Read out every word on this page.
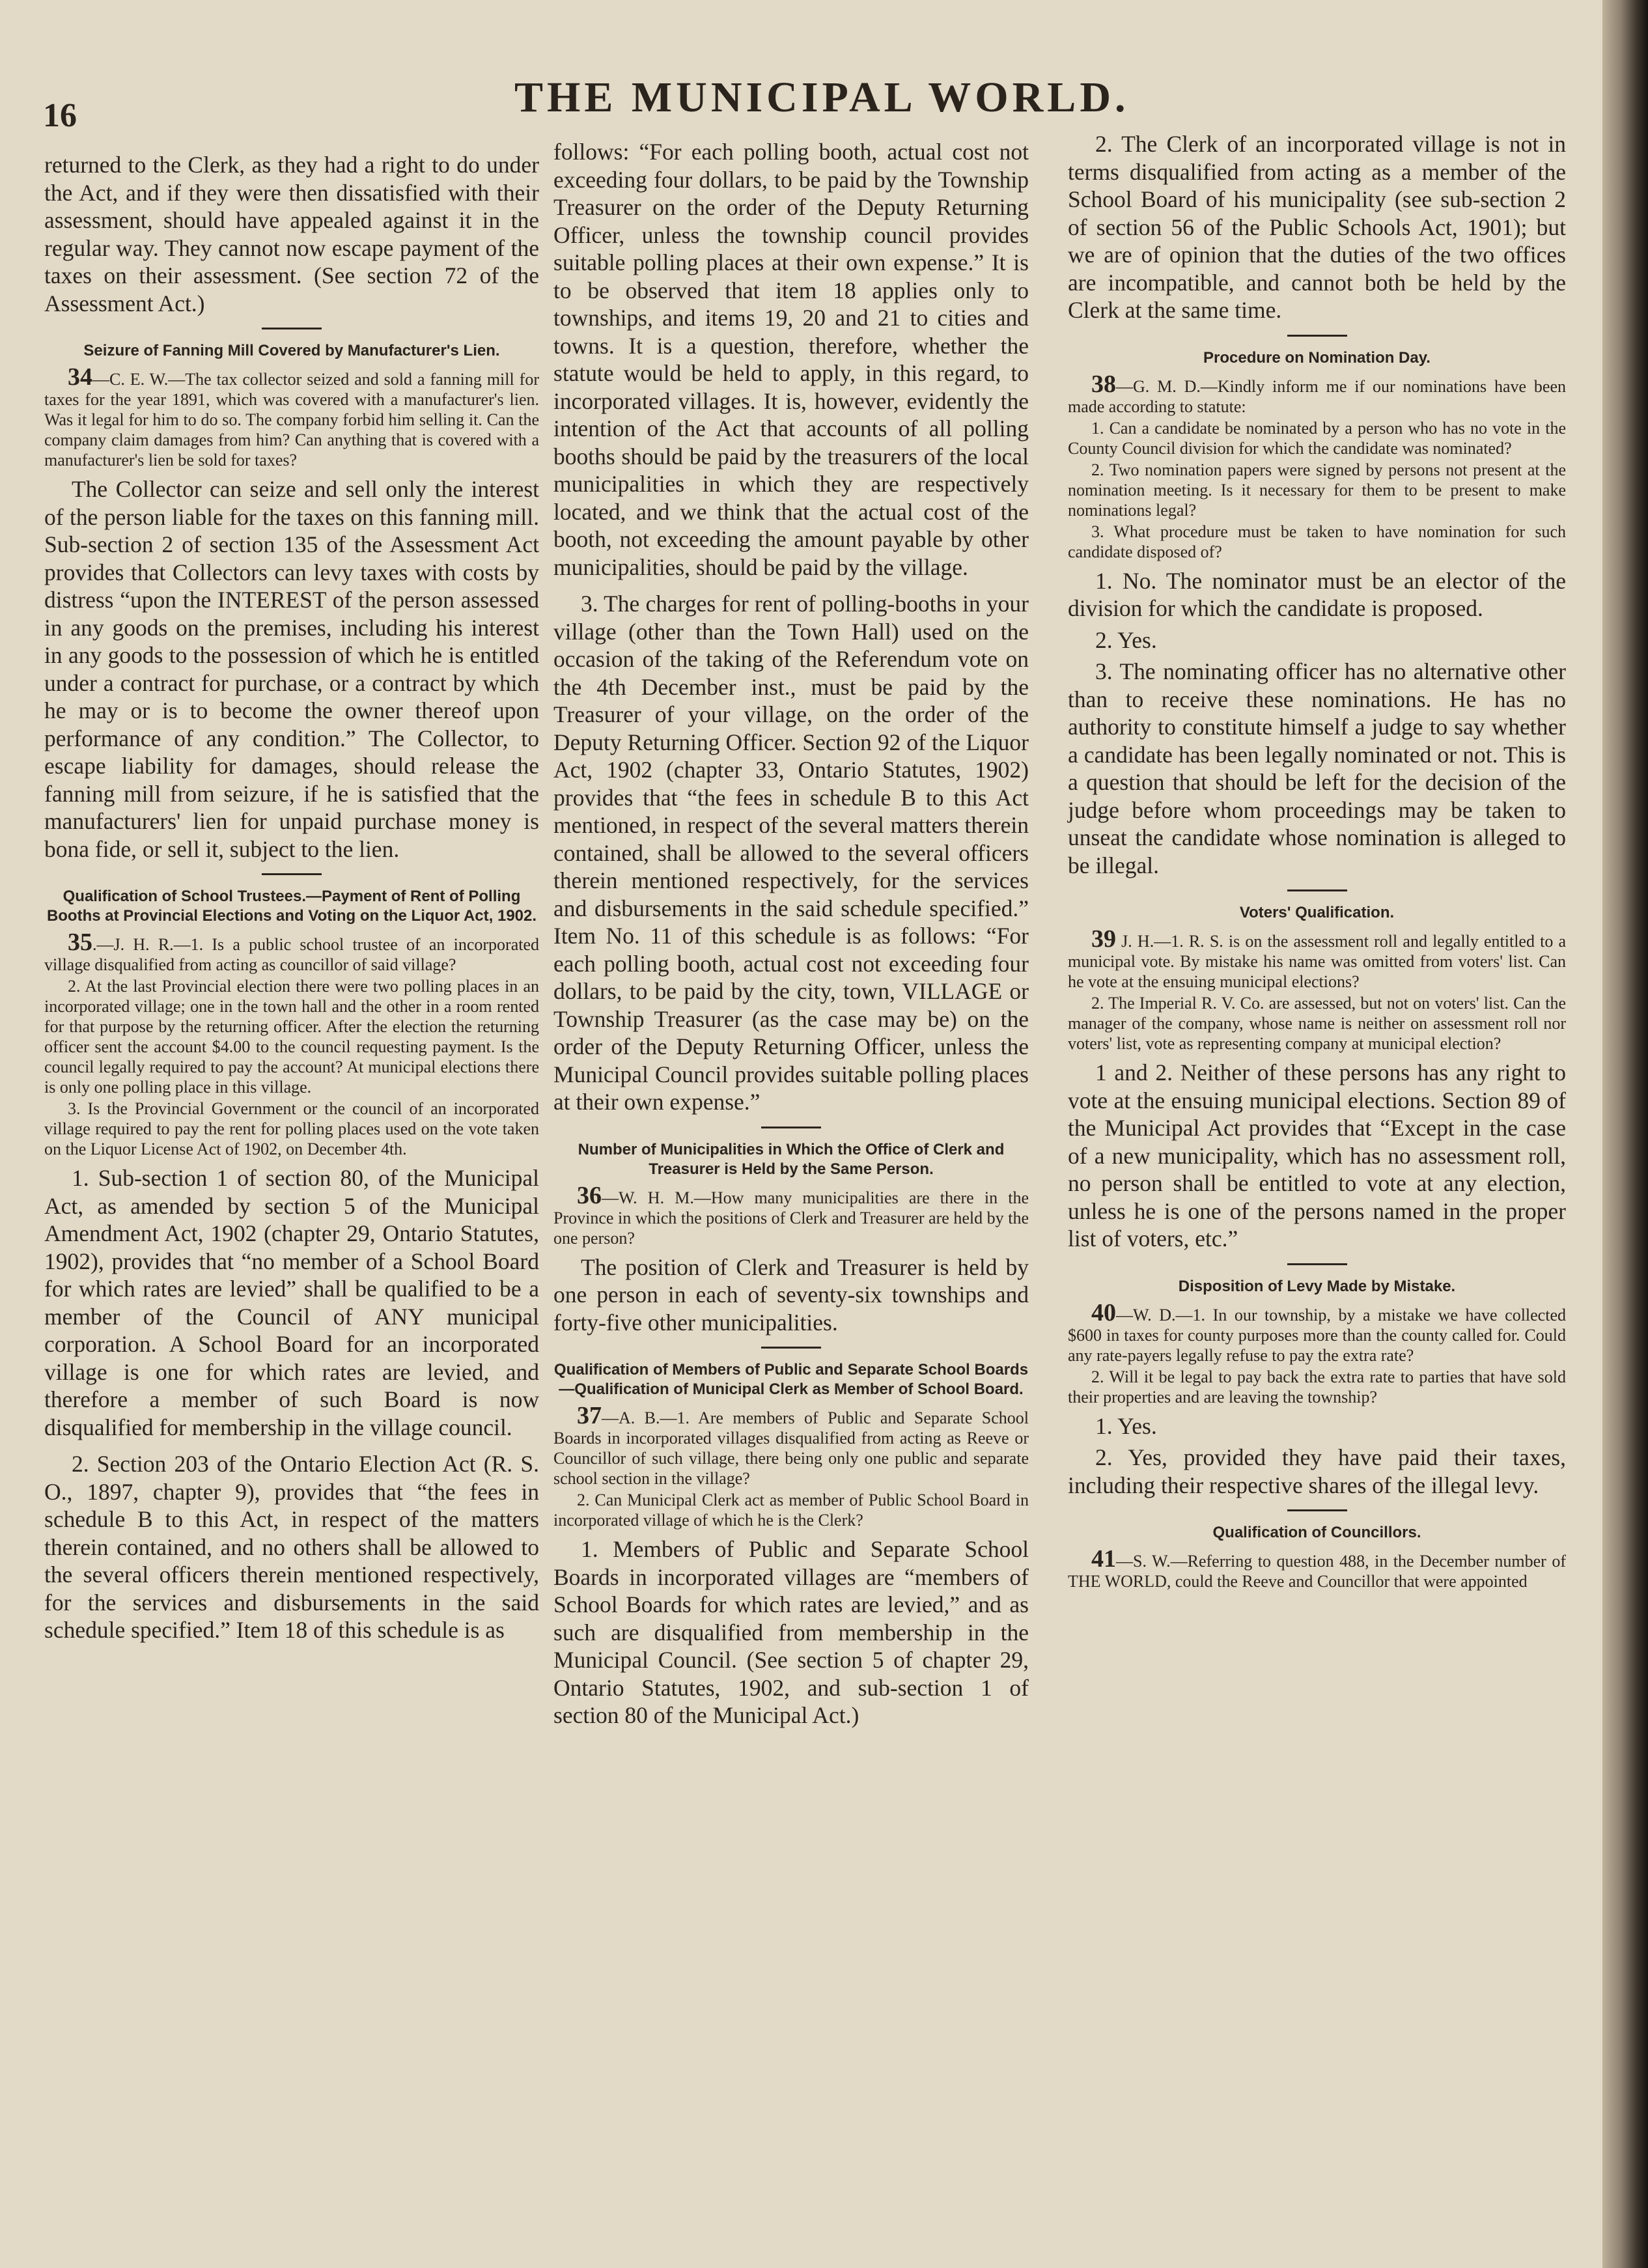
16	THE MUNICIPAL WORLD.

returned to the Clerk, as they had a right to do under the Act, and if they were then dissatisfied with their assessment, should have appealed against it in the regular way. They cannot now escape payment of the taxes on their assessment. (See section 72 of the Assessment Act.)

Seizure of Fanning Mill Covered by Manufacturer's Lien.

34—C. E. W.—The tax collector seized and sold a fanning mill for taxes for the year 1891, which was covered with a manufacturer's lien. Was it legal for him to do so. The company forbid him selling it. Can the company claim damages from him? Can anything that is covered with a manufacturer's lien be sold for taxes?

The Collector can seize and sell only the interest of the person liable for the taxes on this fanning mill. Sub-section 2 of section 135 of the Assessment Act provides that Collectors can levy taxes with costs by distress “upon the INTEREST of the person assessed in any goods on the premises, including his interest in any goods to the possession of which he is entitled under a contract for purchase, or a contract by which he may or is to become the owner thereof upon performance of any condition.” The Collector, to escape liability for damages, should release the fanning mill from seizure, if he is satisfied that the manufacturers' lien for unpaid purchase money is bona fide, or sell it, subject to the lien.

Qualification of School Trustees.—Payment of Rent of Polling Booths at Provincial Elections and Voting on the Liquor Act, 1902.

35.—J. H. R.—1. Is a public school trustee of an incorporated village disqualified from acting as councillor of said village?

2. At the last Provincial election there were two polling places in an incorporated village; one in the town hall and the other in a room rented for that purpose by the returning officer. After the election the returning officer sent the account $4.00 to the council requesting payment. Is the council legally required to pay the account? At municipal elections there is only one polling place in this village.

3. Is the Provincial Government or the council of an incorporated village required to pay the rent for polling places used on the vote taken on the Liquor License Act of 1902, on December 4th.

1. Sub-section 1 of section 80, of the Municipal Act, as amended by section 5 of the Municipal Amendment Act, 1902 (chapter 29, Ontario Statutes, 1902), provides that “no member of a School Board for which rates are levied” shall be qualified to be a member of the Council of ANY municipal corporation. A School Board for an incorporated village is one for which rates are levied, and therefore a member of such Board is now disqualified for membership in the village council.

2. Section 203 of the Ontario Election Act (R. S. O., 1897, chapter 9), provides that “the fees in schedule B to this Act, in respect of the matters therein contained, and no others shall be allowed to the several officers therein mentioned respectively, for the services and disbursements in the said schedule specified.” Item 18 of this schedule is as

follows: “For each polling booth, actual cost not exceeding four dollars, to be paid by the Township Treasurer on the order of the Deputy Returning Officer, unless the township council provides suitable polling places at their own expense.” It is to be observed that item 18 applies only to townships, and items 19, 20 and 21 to cities and towns. It is a question, therefore, whether the statute would be held to apply, in this regard, to incorporated villages. It is, however, evidently the intention of the Act that accounts of all polling booths should be paid by the treasurers of the local municipalities in which they are respectively located, and we think that the actual cost of the booth, not exceeding the amount payable by other municipalities, should be paid by the village.

3. The charges for rent of polling-booths in your village (other than the Town Hall) used on the occasion of the taking of the Referendum vote on the 4th December inst., must be paid by the Treasurer of your village, on the order of the Deputy Returning Officer. Section 92 of the Liquor Act, 1902 (chapter 33, Ontario Statutes, 1902) provides that “the fees in schedule B to this Act mentioned, in respect of the several matters therein contained, shall be allowed to the several officers therein mentioned respectively, for the services and disbursements in the said schedule specified.” Item No. 11 of this schedule is as follows: “For each polling booth, actual cost not exceeding four dollars, to be paid by the city, town, VILLAGE or Township Treasurer (as the case may be) on the order of the Deputy Returning Officer, unless the Municipal Council provides suitable polling places at their own expense.”

Number of Municipalities in Which the Office of Clerk and Treasurer is Held by the Same Person.

36—W. H. M.—How many municipalities are there in the Province in which the positions of Clerk and Treasurer are held by the one person?

The position of Clerk and Treasurer is held by one person in each of seventy-six townships and forty-five other municipalities.

Qualification of Members of Public and Separate School Boards—Qualification of Municipal Clerk as Member of School Board.

37—A. B.—1. Are members of Public and Separate School Boards in incorporated villages disqualified from acting as Reeve or Councillor of such village, there being only one public and separate school section in the village?

2. Can Municipal Clerk act as member of Public School Board in incorporated village of which he is the Clerk?

1. Members of Public and Separate School Boards in incorporated villages are “members of School Boards for which rates are levied,” and as such are disqualified from membership in the Municipal Council. (See section 5 of chapter 29, Ontario Statutes, 1902, and sub-section 1 of section 80 of the Municipal Act.)

2. The Clerk of an incorporated village is not in terms disqualified from acting as a member of the School Board of his municipality (see sub-section 2 of section 56 of the Public Schools Act, 1901); but we are of opinion that the duties of the two offices are incompatible, and cannot both be held by the Clerk at the same time.

Procedure on Nomination Day.

38—G. M. D.—Kindly inform me if our nominations have been made according to statute:

1. Can a candidate be nominated by a person who has no vote in the County Council division for which the candidate was nominated?

2. Two nomination papers were signed by persons not present at the nomination meeting. Is it necessary for them to be present to make nominations legal?

3. What procedure must be taken to have nomination for such candidate disposed of?

1. No. The nominator must be an elector of the division for which the candidate is proposed.

2. Yes.

3. The nominating officer has no alternative other than to receive these nominations. He has no authority to constitute himself a judge to say whether a candidate has been legally nominated or not. This is a question that should be left for the decision of the judge before whom proceedings may be taken to unseat the candidate whose nomination is alleged to be illegal.

Voters' Qualification.

39 J. H.—1. R. S. is on the assessment roll and legally entitled to a municipal vote. By mistake his name was omitted from voters' list. Can he vote at the ensuing municipal elections?

2. The Imperial R. V. Co. are assessed, but not on voters' list. Can the manager of the company, whose name is neither on assessment roll nor voters' list, vote as representing company at municipal election?

1 and 2. Neither of these persons has any right to vote at the ensuing municipal elections. Section 89 of the Municipal Act provides that “Except in the case of a new municipality, which has no assessment roll, no person shall be entitled to vote at any election, unless he is one of the persons named in the proper list of voters, etc.”

Disposition of Levy Made by Mistake.

40—W. D.—1. In our township, by a mistake we have collected $600 in taxes for county purposes more than the county called for. Could any rate-payers legally refuse to pay the extra rate?

2. Will it be legal to pay back the extra rate to parties that have sold their properties and are leaving the township?

1. Yes.

2. Yes, provided they have paid their taxes, including their respective shares of the illegal levy.

Qualification of Councillors.

41—S. W.—Referring to question 488, in the December number of THE WORLD, could the Reeve and Councillor that were appointed
